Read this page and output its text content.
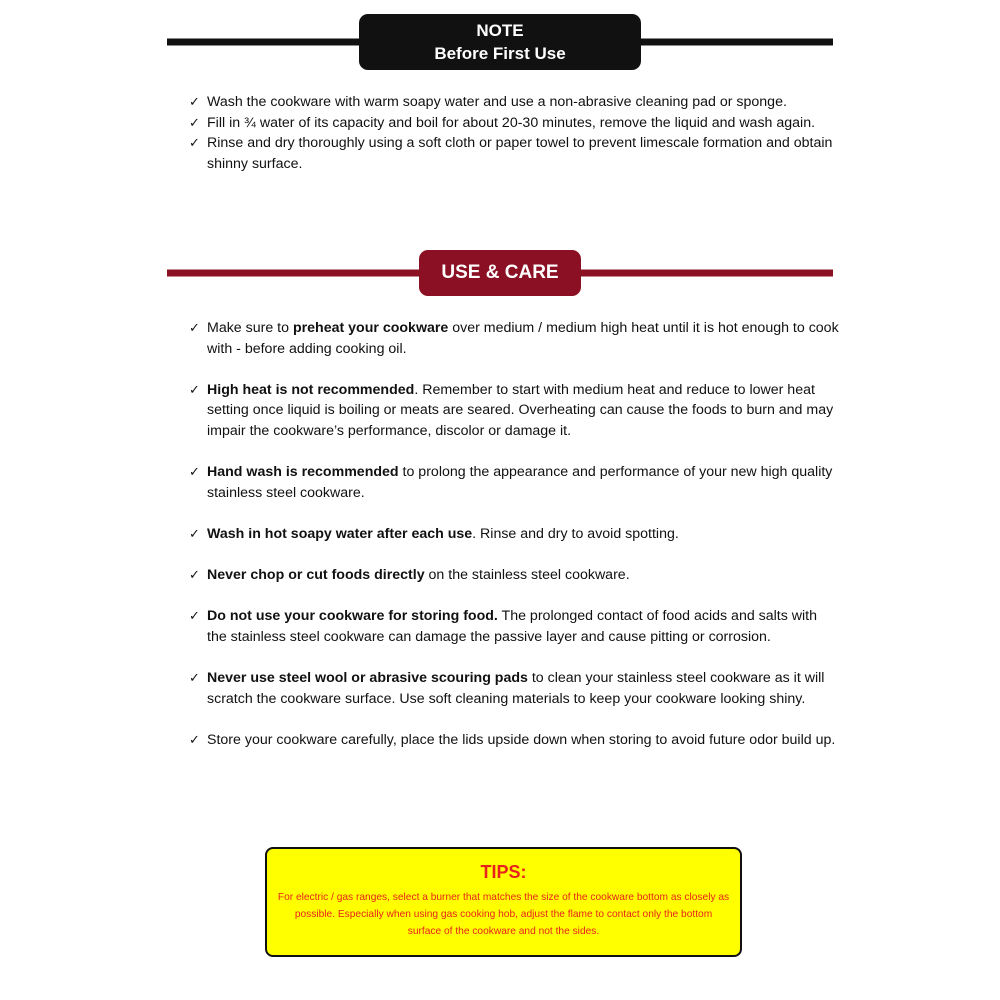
NOTE
Before First Use
✓ Wash the cookware with warm soapy water and use a non-abrasive cleaning pad or sponge.
✓ Fill in ¾ water of its capacity and boil for about 20-30 minutes, remove the liquid and wash again.
✓ Rinse and dry thoroughly using a soft cloth or paper towel to prevent limescale formation and obtain shinny surface.
USE & CARE
✓ Make sure to preheat your cookware over medium / medium high heat until it is hot enough to cook with - before adding cooking oil.
✓ High heat is not recommended. Remember to start with medium heat and reduce to lower heat setting once liquid is boiling or meats are seared. Overheating can cause the foods to burn and may impair the cookware’s performance, discolor or damage it.
✓ Hand wash is recommended to prolong the appearance and performance of your new high quality stainless steel cookware.
✓ Wash in hot soapy water after each use. Rinse and dry to avoid spotting.
✓ Never chop or cut foods directly on the stainless steel cookware.
✓ Do not use your cookware for storing food. The prolonged contact of food acids and salts with the stainless steel cookware can damage the passive layer and cause pitting or corrosion.
✓ Never use steel wool or abrasive scouring pads to clean your stainless steel cookware as it will scratch the cookware surface. Use soft cleaning materials to keep your cookware looking shiny.
✓ Store your cookware carefully, place the lids upside down when storing to avoid future odor build up.
TIPS:
For electric / gas ranges, select a burner that matches the size of the cookware bottom as closely as possible. Especially when using gas cooking hob, adjust the flame to contact only the bottom surface of the cookware and not the sides.
